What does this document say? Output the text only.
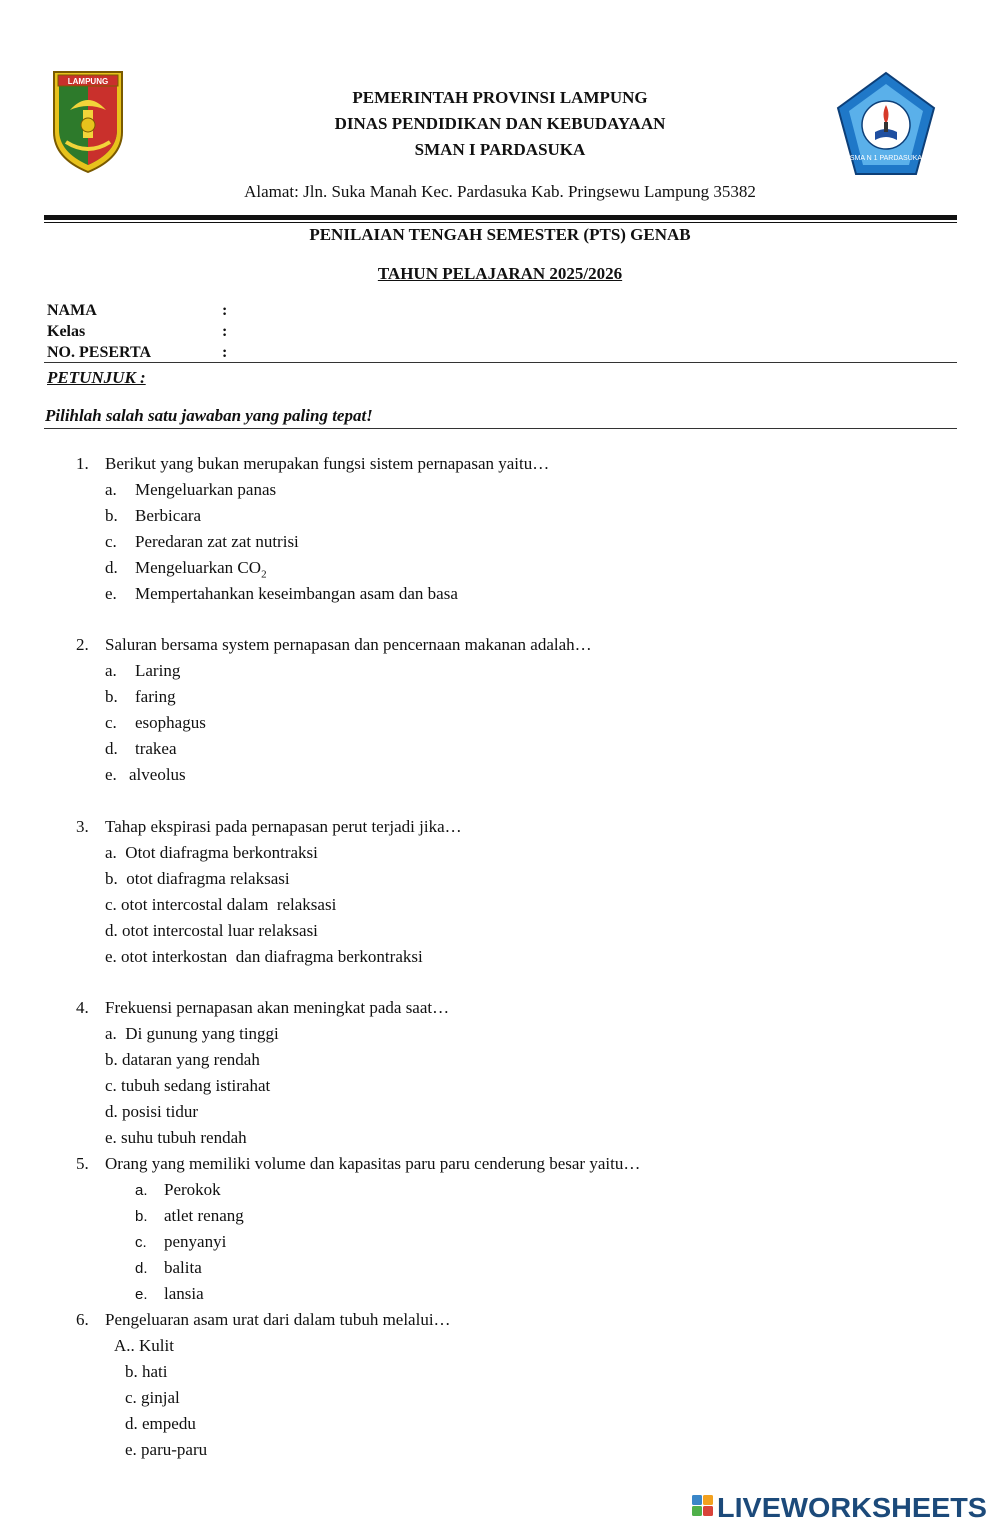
LAMPUNG
SMA N 1 PARDASUKA
PEMERINTAH PROVINSI LAMPUNG
DINAS PENDIDIKAN DAN KEBUDAYAAN
SMAN I PARDASUKA
Alamat: Jln. Suka Manah Kec. Pardasuka Kab. Pringsewu Lampung 35382
PENILAIAN TENGAH SEMESTER (PTS) GENAB
TAHUN PELAJARAN 2025/2026
NAMA	:
Kelas	:
NO. PESERTA	:
PETUNJUK :
Pilihlah salah satu jawaban yang paling tepat!
1. Berikut yang bukan merupakan fungsi sistem pernapasan yaitu…
a. Mengeluarkan panas
b. Berbicara
c. Peredaran zat zat nutrisi
d. Mengeluarkan $CO_2$
e. Mempertahankan keseimbangan asam dan basa
2. Saluran bersama system pernapasan dan pencernaan makanan adalah…
a. Laring
b. faring
c. esophagus
d. trakea
e. alveolus
3. Tahap ekspirasi pada pernapasan perut terjadi jika…
a.  Otot diafragma berkontraksi
b.  otot diafragma relaksasi
c. otot intercostal dalam  relaksasi
d. otot intercostal luar relaksasi
e. otot interkostan  dan diafragma berkontraksi
4. Frekuensi pernapasan akan meningkat pada saat…
a.  Di gunung yang tinggi
b. dataran yang rendah
c. tubuh sedang istirahat
d. posisi tidur
e. suhu tubuh rendah
5. Orang yang memiliki volume dan kapasitas paru paru cenderung besar yaitu…
a. Perokok
b. atlet renang
c. penyanyi
d. balita
e. lansia
6. Pengeluaran asam urat dari dalam tubuh melalui…
A.. Kulit
b. hati
c. ginjal
d. empedu
e. paru-paru
LIVEWORKSHEETS
